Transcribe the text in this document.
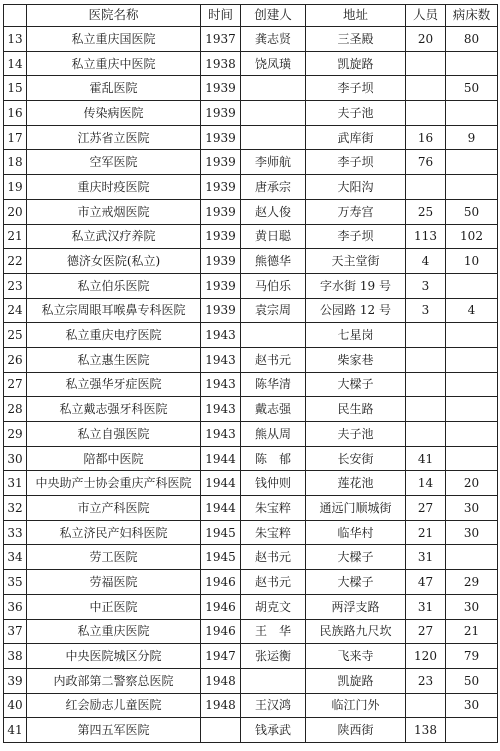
	医院名称	时间	创建人	地址	人员	病床数
13	私立重庆国医院	1937	龚志贤	三圣殿	20	80
14	私立重庆中医院	1938	饶凤璜	凯旋路		
15	霍乱医院	1939		李子坝		50
16	传染病医院	1939		夫子池		
17	江苏省立医院	1939		武库街	16	9
18	空军医院	1939	李师航	李子坝	76	
19	重庆时疫医院	1939	唐承宗	大阳沟		
20	市立戒烟医院	1939	赵人俊	万寿宫	25	50
21	私立武汉疗养院	1939	黄日聪	李子坝	113	102
22	德济女医院(私立)	1939	熊德华	天主堂街	4	10
23	私立伯乐医院	1939	马伯乐	字水街 19 号	3	
24	私立宗周眼耳喉鼻专科医院	1939	袁宗周	公园路 12 号	3	4
25	私立重庆电疗医院	1943		七星岗		
26	私立惠生医院	1943	赵书元	柴家巷		
27	私立强华牙症医院	1943	陈华清	大樑子		
28	私立戴志强牙科医院	1943	戴志强	民生路		
29	私立自强医院	1943	熊从周	夫子池		
30	陪都中医院	1944	陈　郁	长安街	41	
31	中央助产士协会重庆产科医院	1944	钱仲则	莲花池	14	20
32	市立产科医院	1944	朱宝粹	通远门顺城街	27	30
33	私立济民产妇科医院	1945	朱宝粹	临华村	21	30
34	劳工医院	1945	赵书元	大樑子	31	
35	劳福医院	1946	赵书元	大樑子	47	29
36	中正医院	1946	胡克文	两浮支路	31	30
37	私立重庆医院	1946	王　华	民族路九尺坎	27	21
38	中央医院城区分院	1947	张运衡	飞来寺	120	79
39	内政部第二警察总医院	1948		凯旋路	23	50
40	红会励志儿童医院	1948	王汉鸿	临江门外		30
41	第四五军医院		钱承武	陕西街	138	
